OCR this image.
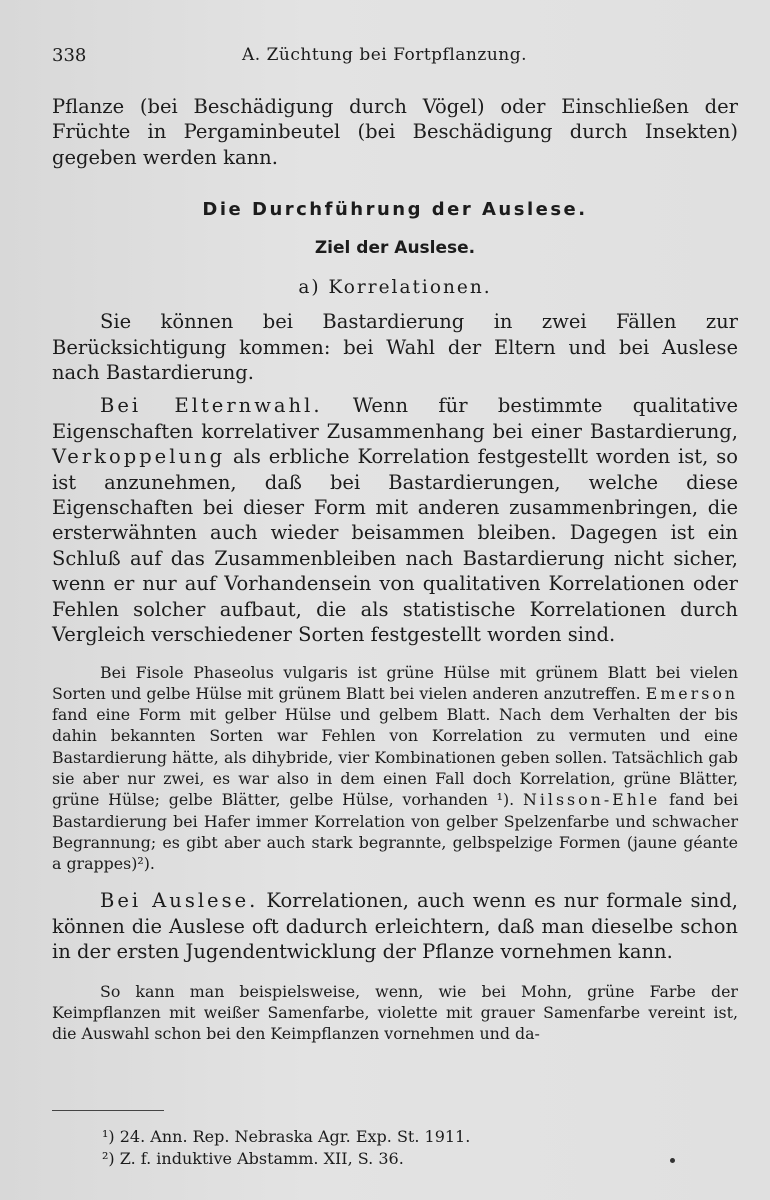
338	A. Züchtung bei Fortpflanzung.

Pflanze (bei Beschädigung durch Vögel) oder Einschließen der Früchte in Pergaminbeutel (bei Beschädigung durch Insekten) gegeben werden kann.

Die Durchführung der Auslese.
Ziel der Auslese.
a) Korrelationen.

Sie können bei Bastardierung in zwei Fällen zur Berücksichtigung kommen: bei Wahl der Eltern und bei Auslese nach Bastardierung.

Bei Elternwahl. Wenn für bestimmte qualitative Eigenschaften korrelativer Zusammenhang bei einer Bastardierung, Verkoppelung als erbliche Korrelation festgestellt worden ist, so ist anzunehmen, daß bei Bastardierungen, welche diese Eigenschaften bei dieser Form mit anderen zusammenbringen, die ersterwähnten auch wieder beisammen bleiben. Dagegen ist ein Schluß auf das Zusammenbleiben nach Bastardierung nicht sicher, wenn er nur auf Vorhandensein von qualitativen Korrelationen oder Fehlen solcher aufbaut, die als statistische Korrelationen durch Vergleich verschiedener Sorten festgestellt worden sind.

Bei Fisole Phaseolus vulgaris ist grüne Hülse mit grünem Blatt bei vielen Sorten und gelbe Hülse mit grünem Blatt bei vielen anderen anzutreffen. Emerson fand eine Form mit gelber Hülse und gelbem Blatt. Nach dem Verhalten der bis dahin bekannten Sorten war Fehlen von Korrelation zu vermuten und eine Bastardierung hätte, als dihybride, vier Kombinationen geben sollen. Tatsächlich gab sie aber nur zwei, es war also in dem einen Fall doch Korrelation, grüne Blätter, grüne Hülse; gelbe Blätter, gelbe Hülse, vorhanden ¹). Nilsson-Ehle fand bei Bastardierung bei Hafer immer Korrelation von gelber Spelzenfarbe und schwacher Begrannung; es gibt aber auch stark begrannte, gelbspelzige Formen (jaune géante a grappes)²).

Bei Auslese. Korrelationen, auch wenn es nur formale sind, können die Auslese oft dadurch erleichtern, daß man dieselbe schon in der ersten Jugendentwicklung der Pflanze vornehmen kann.

So kann man beispielsweise, wenn, wie bei Mohn, grüne Farbe der Keimpflanzen mit weißer Samenfarbe, violette mit grauer Samenfarbe vereint ist, die Auswahl schon bei den Keimpflanzen vornehmen und da-

¹) 24. Ann. Rep. Nebraska Agr. Exp. St. 1911.
²) Z. f. induktive Abstamm. XII, S. 36.
